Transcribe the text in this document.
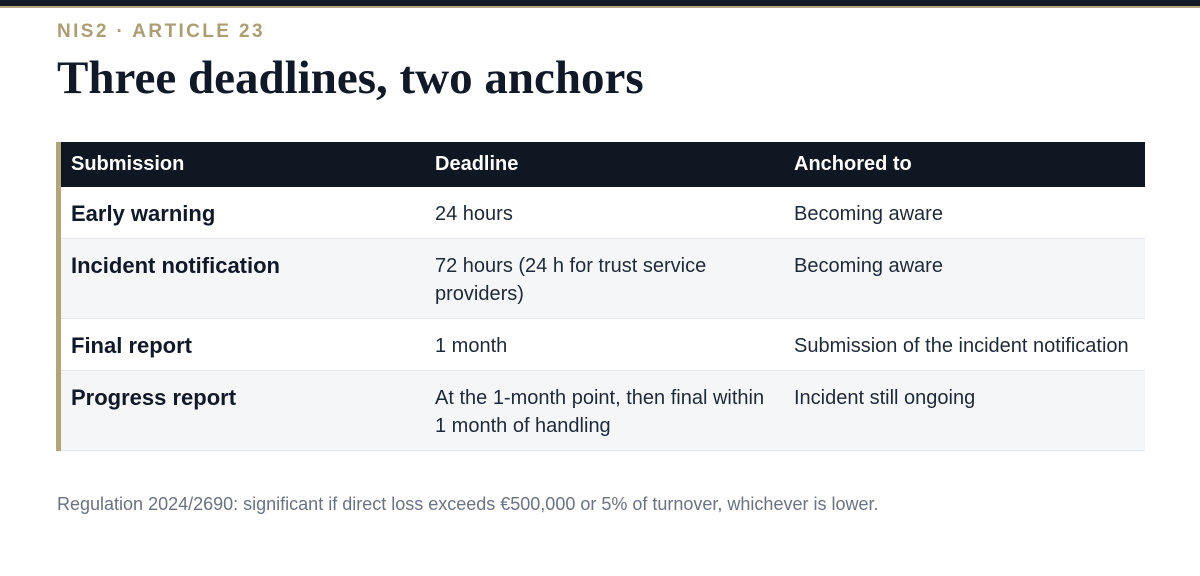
NIS2 · ARTICLE 23
Three deadlines, two anchors
Submission	Deadline	Anchored to
Early warning	24 hours	Becoming aware
Incident notification	72 hours (24 h for trust service providers)	Becoming aware
Final report	1 month	Submission of the incident notification
Progress report	At the 1-month point, then final within 1 month of handling	Incident still ongoing
Regulation 2024/2690: significant if direct loss exceeds €500,000 or 5% of turnover, whichever is lower.
